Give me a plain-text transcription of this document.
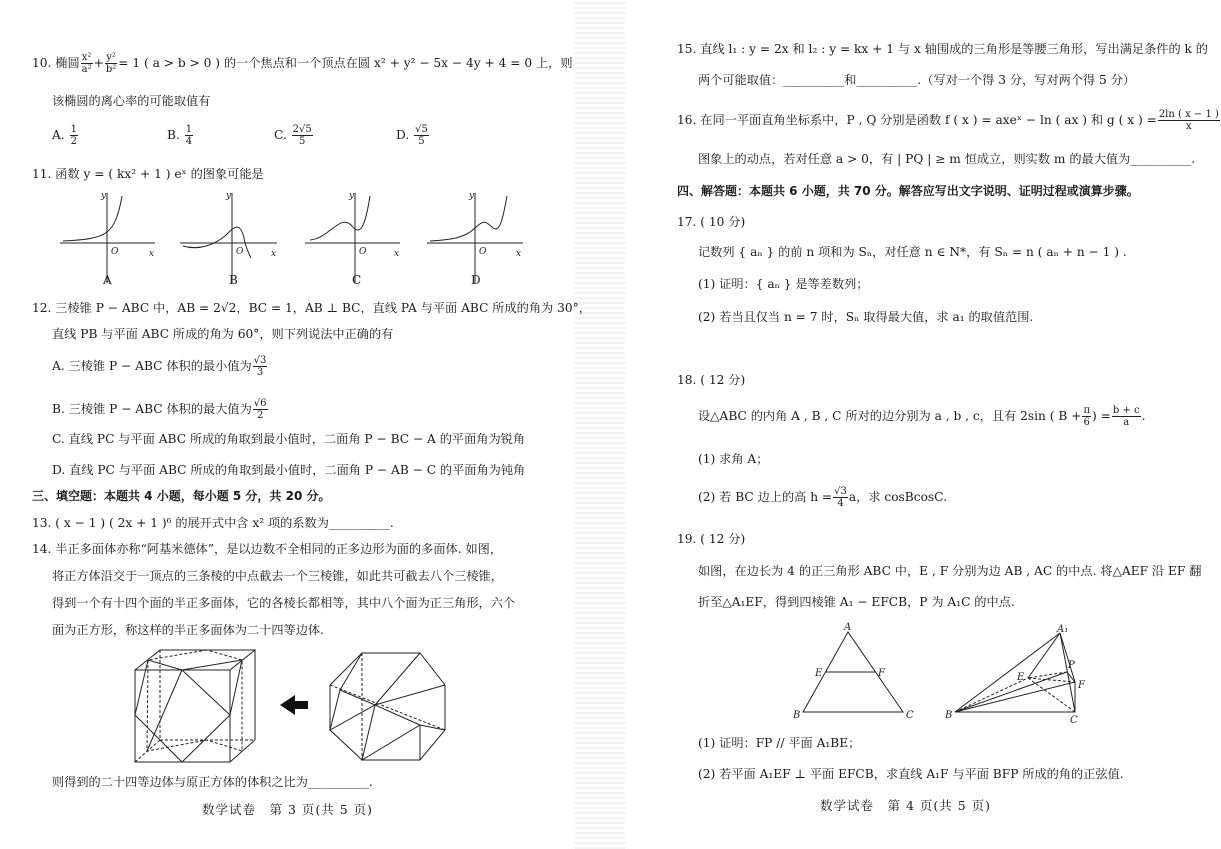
10. 椭圆 $\frac{\text{x²}}{\text{a²}} + \frac{\text{y²}}{\text{b²}} = 1$ ( a > b > 0 ) 的一个焦点和一个顶点在圆 x² + y² − 5x − 4y + 4 = 0 上，则
该椭圆的离心率的可能取值有
A. $\frac{1}{2}$	B. $\frac{1}{4}$	C. $\frac{2√5}{5}$	D. $\frac{√5}{5}$
11. 函数 y = ( kx² + 1 ) eˣ 的图象可能是
y
x
O
y
x
O
y
x
O
y
x
O
A	B	C	D
12. 三棱锥 P − ABC 中，AB = 2√2，BC = 1，AB ⊥ BC，直线 PA 与平面 ABC 所成的角为 30°，
直线 PB 与平面 ABC 所成的角为 60°，则下列说法中正确的有
A. 三棱锥 P − ABC 体积的最小值为 $\frac{√3}{3}$
B. 三棱锥 P − ABC 体积的最大值为 $\frac{√6}{2}$
C. 直线 PC 与平面 ABC 所成的角取到最小值时，二面角 P − BC − A 的平面角为锐角
D. 直线 PC 与平面 ABC 所成的角取到最小值时，二面角 P − AB − C 的平面角为钝角
三、填空题：本题共 4 小题，每小题 5 分，共 20 分。
13. ( x − 1 ) ( 2x + 1 )⁶ 的展开式中含 x² 项的系数为__________.
14. 半正多面体亦称“阿基米德体”，是以边数不全相同的正多边形为面的多面体. 如图，
将正方体沿交于一顶点的三条棱的中点截去一个三棱锥，如此共可截去八个三棱锥，
得到一个有十四个面的半正多面体，它的各棱长都相等，其中八个面为正三角形，六个
面为正方形，称这样的半正多面体为二十四等边体.
则得到的二十四等边体与原正方体的体积之比为__________.
数学试卷　第 3 页(共 5 页)
15. 直线 l₁ : y = 2x 和 l₂ : y = kx + 1 与 x 轴围成的三角形是等腰三角形，写出满足条件的 k 的
两个可能取值：__________和__________.（写对一个得 3 分，写对两个得 5 分）
16. 在同一平面直角坐标系中，P , Q 分别是函数 f ( x ) = axeˣ − ln ( ax ) 和 g ( x ) = $\frac{2\ln ( x - 1 )}{x}$
图象上的动点，若对任意 a > 0，有 | PQ | ≥ m 恒成立，则实数 m 的最大值为__________.
四、解答题：本题共 6 小题，共 70 分。解答应写出文字说明、证明过程或演算步骤。
17. ( 10 分)
记数列 { aₙ } 的前 n 项和为 Sₙ，对任意 n ∈ N*，有 Sₙ = n ( aₙ + n − 1 ) .
(1) 证明：{ aₙ } 是等差数列；
(2) 若当且仅当 n = 7 时，Sₙ 取得最大值，求 a₁ 的取值范围.
18. ( 12 分)
设△ABC 的内角 A , B , C 所对的边分别为 a , b , c，且有 2sin ( $B + \frac{\pi}{6}$ ) = $\frac{b + c}{a}$ .
(1) 求角 A；
(2) 若 BC 边上的高 $h = \frac{√3}{4}$ a，求 cosBcosC.
19. ( 12 分)
如图，在边长为 4 的正三角形 ABC 中，E , F 分别为边 AB , AC 的中点. 将△AEF 沿 EF 翻
折至△A₁EF，得到四棱锥 A₁ − EFCB，P 为 A₁C 的中点.
A
E	F
B	C
A₁
E
P
F
B	C
(1) 证明：FP // 平面 A₁BE；
(2) 若平面 A₁EF ⊥ 平面 EFCB，求直线 A₁F 与平面 BFP 所成的角的正弦值.
数学试卷　第 4 页(共 5 页)
